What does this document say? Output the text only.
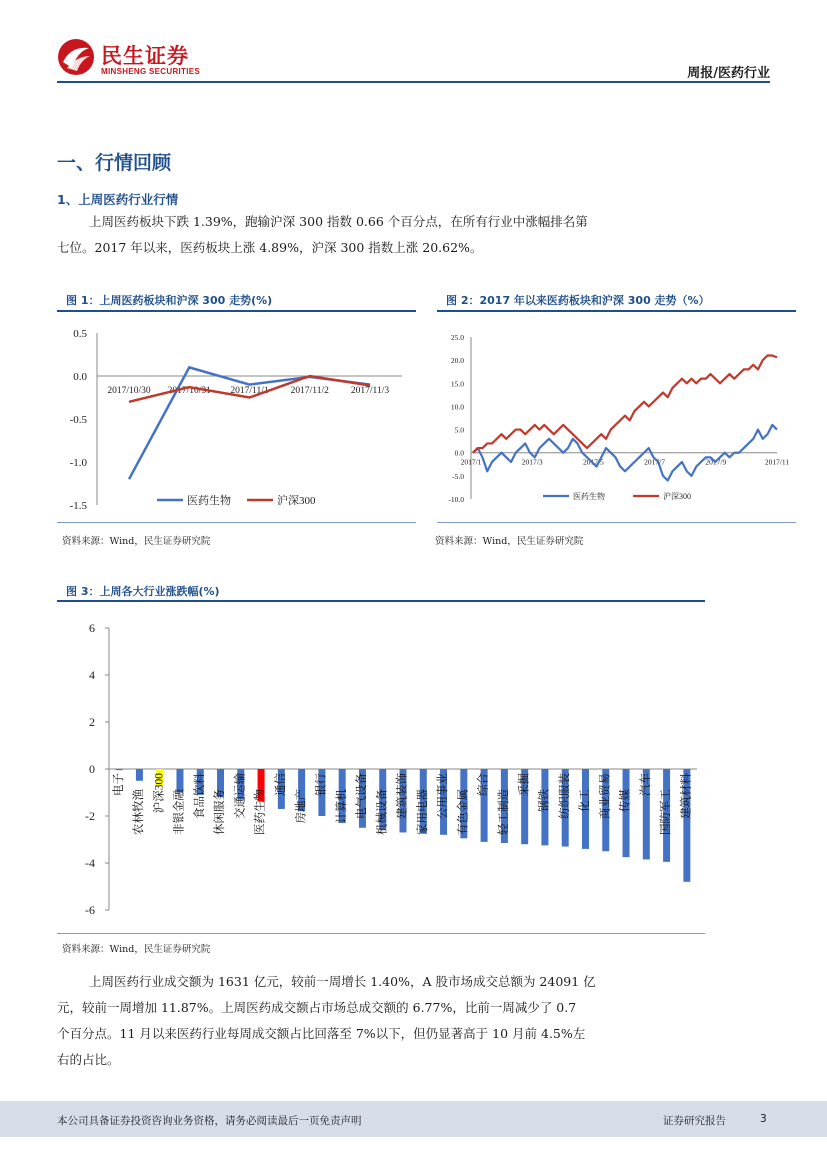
民生证券
MINSHENG SECURITIES	周报/医药行业
一、行情回顾
1、上周医药行业行情
上周医药板块下跌 1.39%，跑输沪深 300 指数 0.66 个百分点，在所有行业中涨幅排名第
七位。2017 年以来，医药板块上涨 4.89%，沪深 300 指数上涨 20.62%。
图 1：上周医药板块和沪深 300 走势(%)
0.5
0.0
-0.5
-1.0
-1.5
2017/10/30 2017/10/31 2017/11/1 2017/11/2 2017/11/3
医药生物	沪深300
资料来源：Wind，民生证券研究院
图 2：2017 年以来医药板块和沪深 300 走势（%）
25.0
20.0
15.0
10.0
5.0
0.0
-5.0
-10.0
2017/1	2017/3	2017/5	2017/7	2017/9	2017/11
医药生物	沪深300
资料来源：Wind，民生证券研究院
图 3：上周各大行业涨跌幅(%)
6
4
2
0
-2
-4
-6
电子
农林牧渔 沪深300 非银金融 食品饮料 休闲服务 交通运输 医药生物
通信
房地产
银行
计算机 电气设备 机械设备 建筑装饰 家用电器 公用事业 有色金属
综合
轻工制造
采掘
钢铁 纺织服装 化工 商业贸易 传媒
汽车
国防军工 建筑材料
资料来源：Wind，民生证券研究院
上周医药行业成交额为 1631 亿元，较前一周增长 1.40%，A 股市场成交总额为 24091 亿
元，较前一周增加 11.87%。上周医药成交额占市场总成交额的 6.77%，比前一周减少了 0.7
个百分点。11 月以来医药行业每周成交额占比回落至 7%以下，但仍显著高于 10 月前 4.5%左
右的占比。
本公司具备证券投资咨询业务资格，请务必阅读最后一页免责声明	证券研究报告	3
